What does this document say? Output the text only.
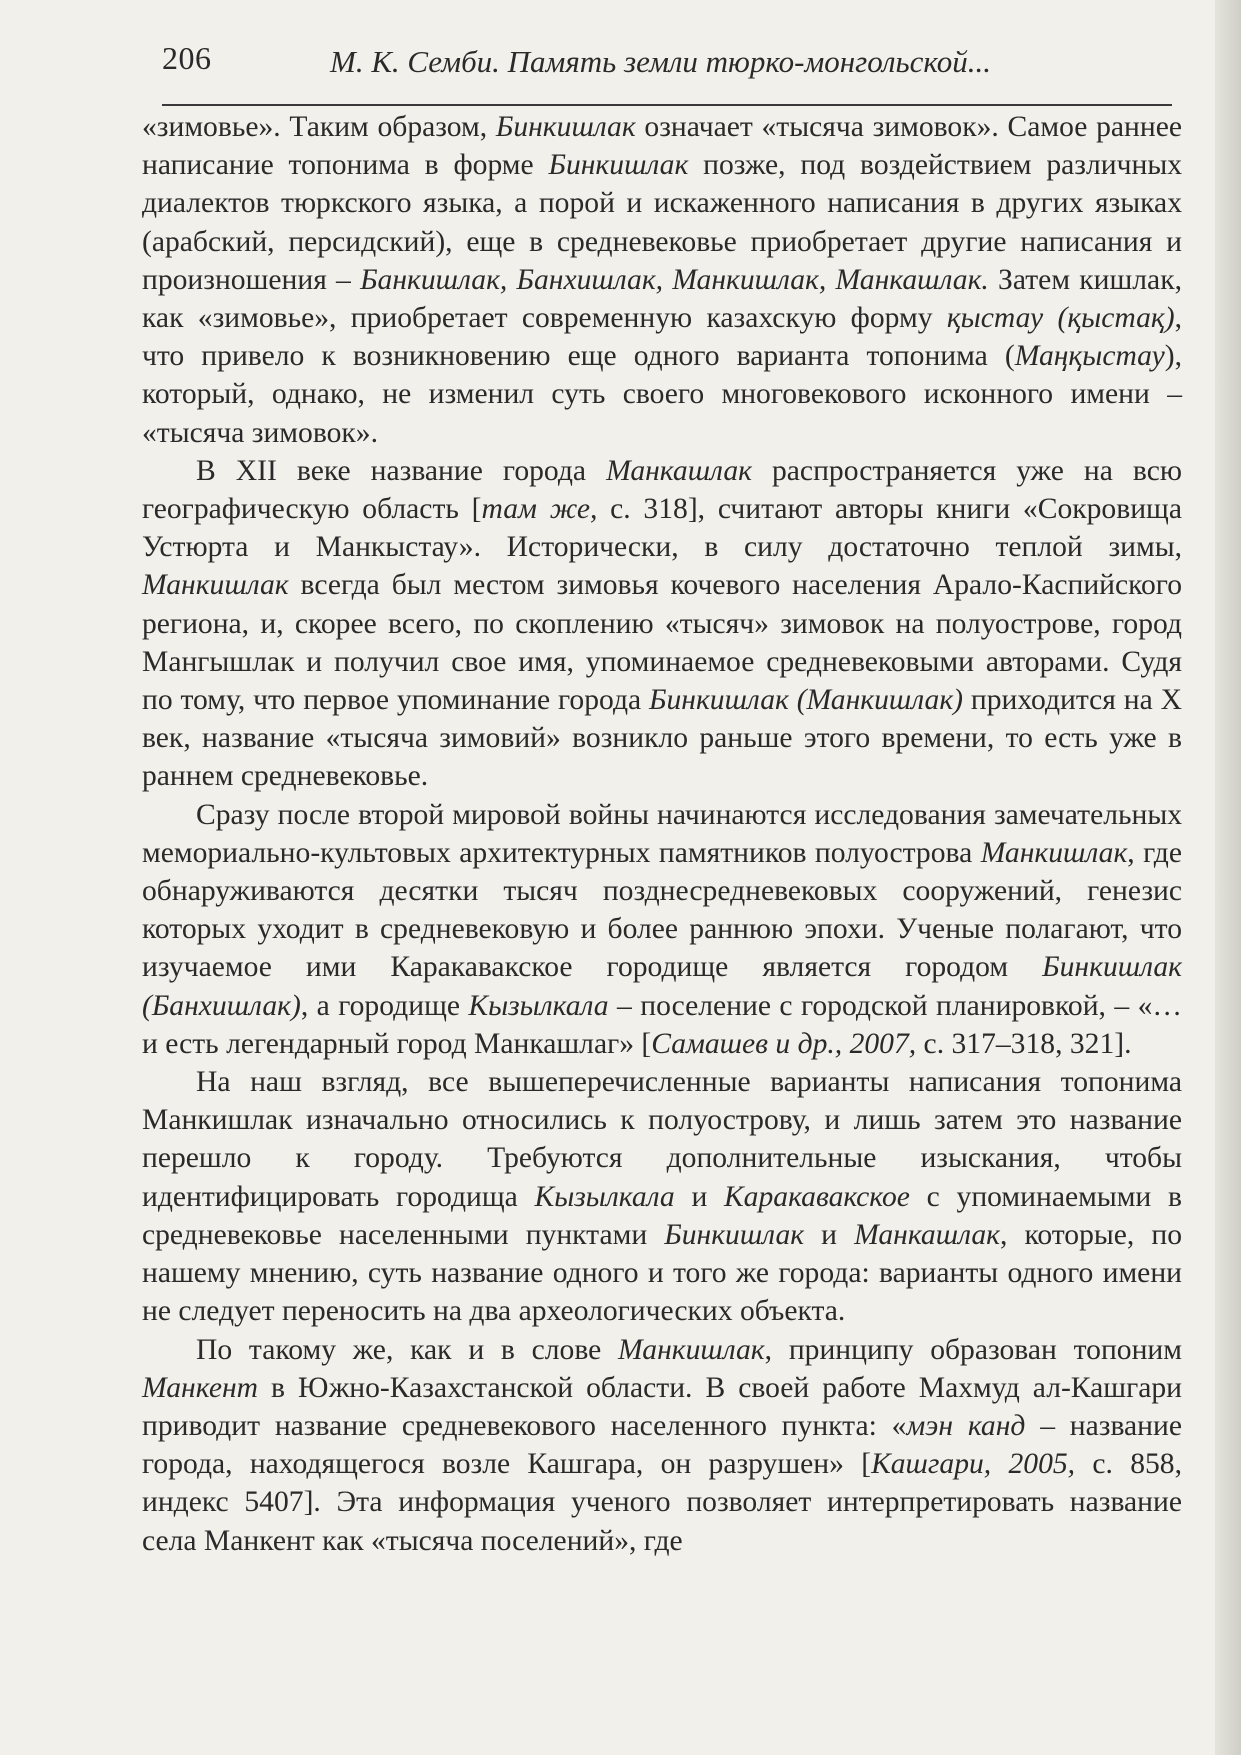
206	М. К. Семби. Память земли тюрко-монгольской...

«зимовье». Таким образом, Бинкишлак означает «тысяча зимовок». Самое раннее написание топонима в форме Бинкишлак позже, под воздействием различных диалектов тюркского языка, а порой и искаженного написания в других языках (арабский, персидский), еще в средневековье приобретает другие написания и произношения – Банкишлак, Банхишлак, Манкишлак, Манкашлак. Затем кишлак, как «зимовье», приобретает современную казахскую форму қыстау (қыстақ), что привело к возникновению еще одного варианта топонима (Маңқыстау), который, однако, не изменил суть своего многовекового исконного имени – «тысяча зимовок».

В XII веке название города Манкашлак распространяется уже на всю географическую область [там же, с. 318], считают авторы книги «Сокровища Устюрта и Манкыстау». Исторически, в силу достаточно теплой зимы, Манкишлак всегда был местом зимовья кочевого населения Арало-Каспийского региона, и, скорее всего, по скоплению «тысяч» зимовок на полуострове, город Мангышлак и получил свое имя, упоминаемое средневековыми авторами. Судя по тому, что первое упоминание города Бинкишлак (Манкишлак) приходится на X век, название «тысяча зимовий» возникло раньше этого времени, то есть уже в раннем средневековье.

Сразу после второй мировой войны начинаются исследования замечательных мемориально-культовых архитектурных памятников полуострова Манкишлак, где обнаруживаются десятки тысяч позднесредневековых сооружений, генезис которых уходит в средневековую и более раннюю эпохи. Ученые полагают, что изучаемое ими Каракавакское городище является городом Бинкишлак (Банхишлак), а городище Кызылкала – поселение с городской планировкой, – «…и есть легендарный город Манкашлаг» [Самашев и др., 2007, с. 317–318, 321].

На наш взгляд, все вышеперечисленные варианты написания топонима Манкишлак изначально относились к полуострову, и лишь затем это название перешло к городу. Требуются дополнительные изыскания, чтобы идентифицировать городища Кызылкала и Каракавакское с упоминаемыми в средневековье населенными пунктами Бинкишлак и Манкашлак, которые, по нашему мнению, суть название одного и того же города: варианты одного имени не следует переносить на два археологических объекта.

По такому же, как и в слове Манкишлак, принципу образован топоним Манкент в Южно-Казахстанской области. В своей работе Махмуд ал-Кашгари приводит название средневекового населенного пункта: «мэн канд – название города, находящегося возле Кашгара, он разрушен» [Кашгари, 2005, с. 858, индекс 5407]. Эта информация ученого позволяет интерпретировать название села Манкент как «тысяча поселений», где
